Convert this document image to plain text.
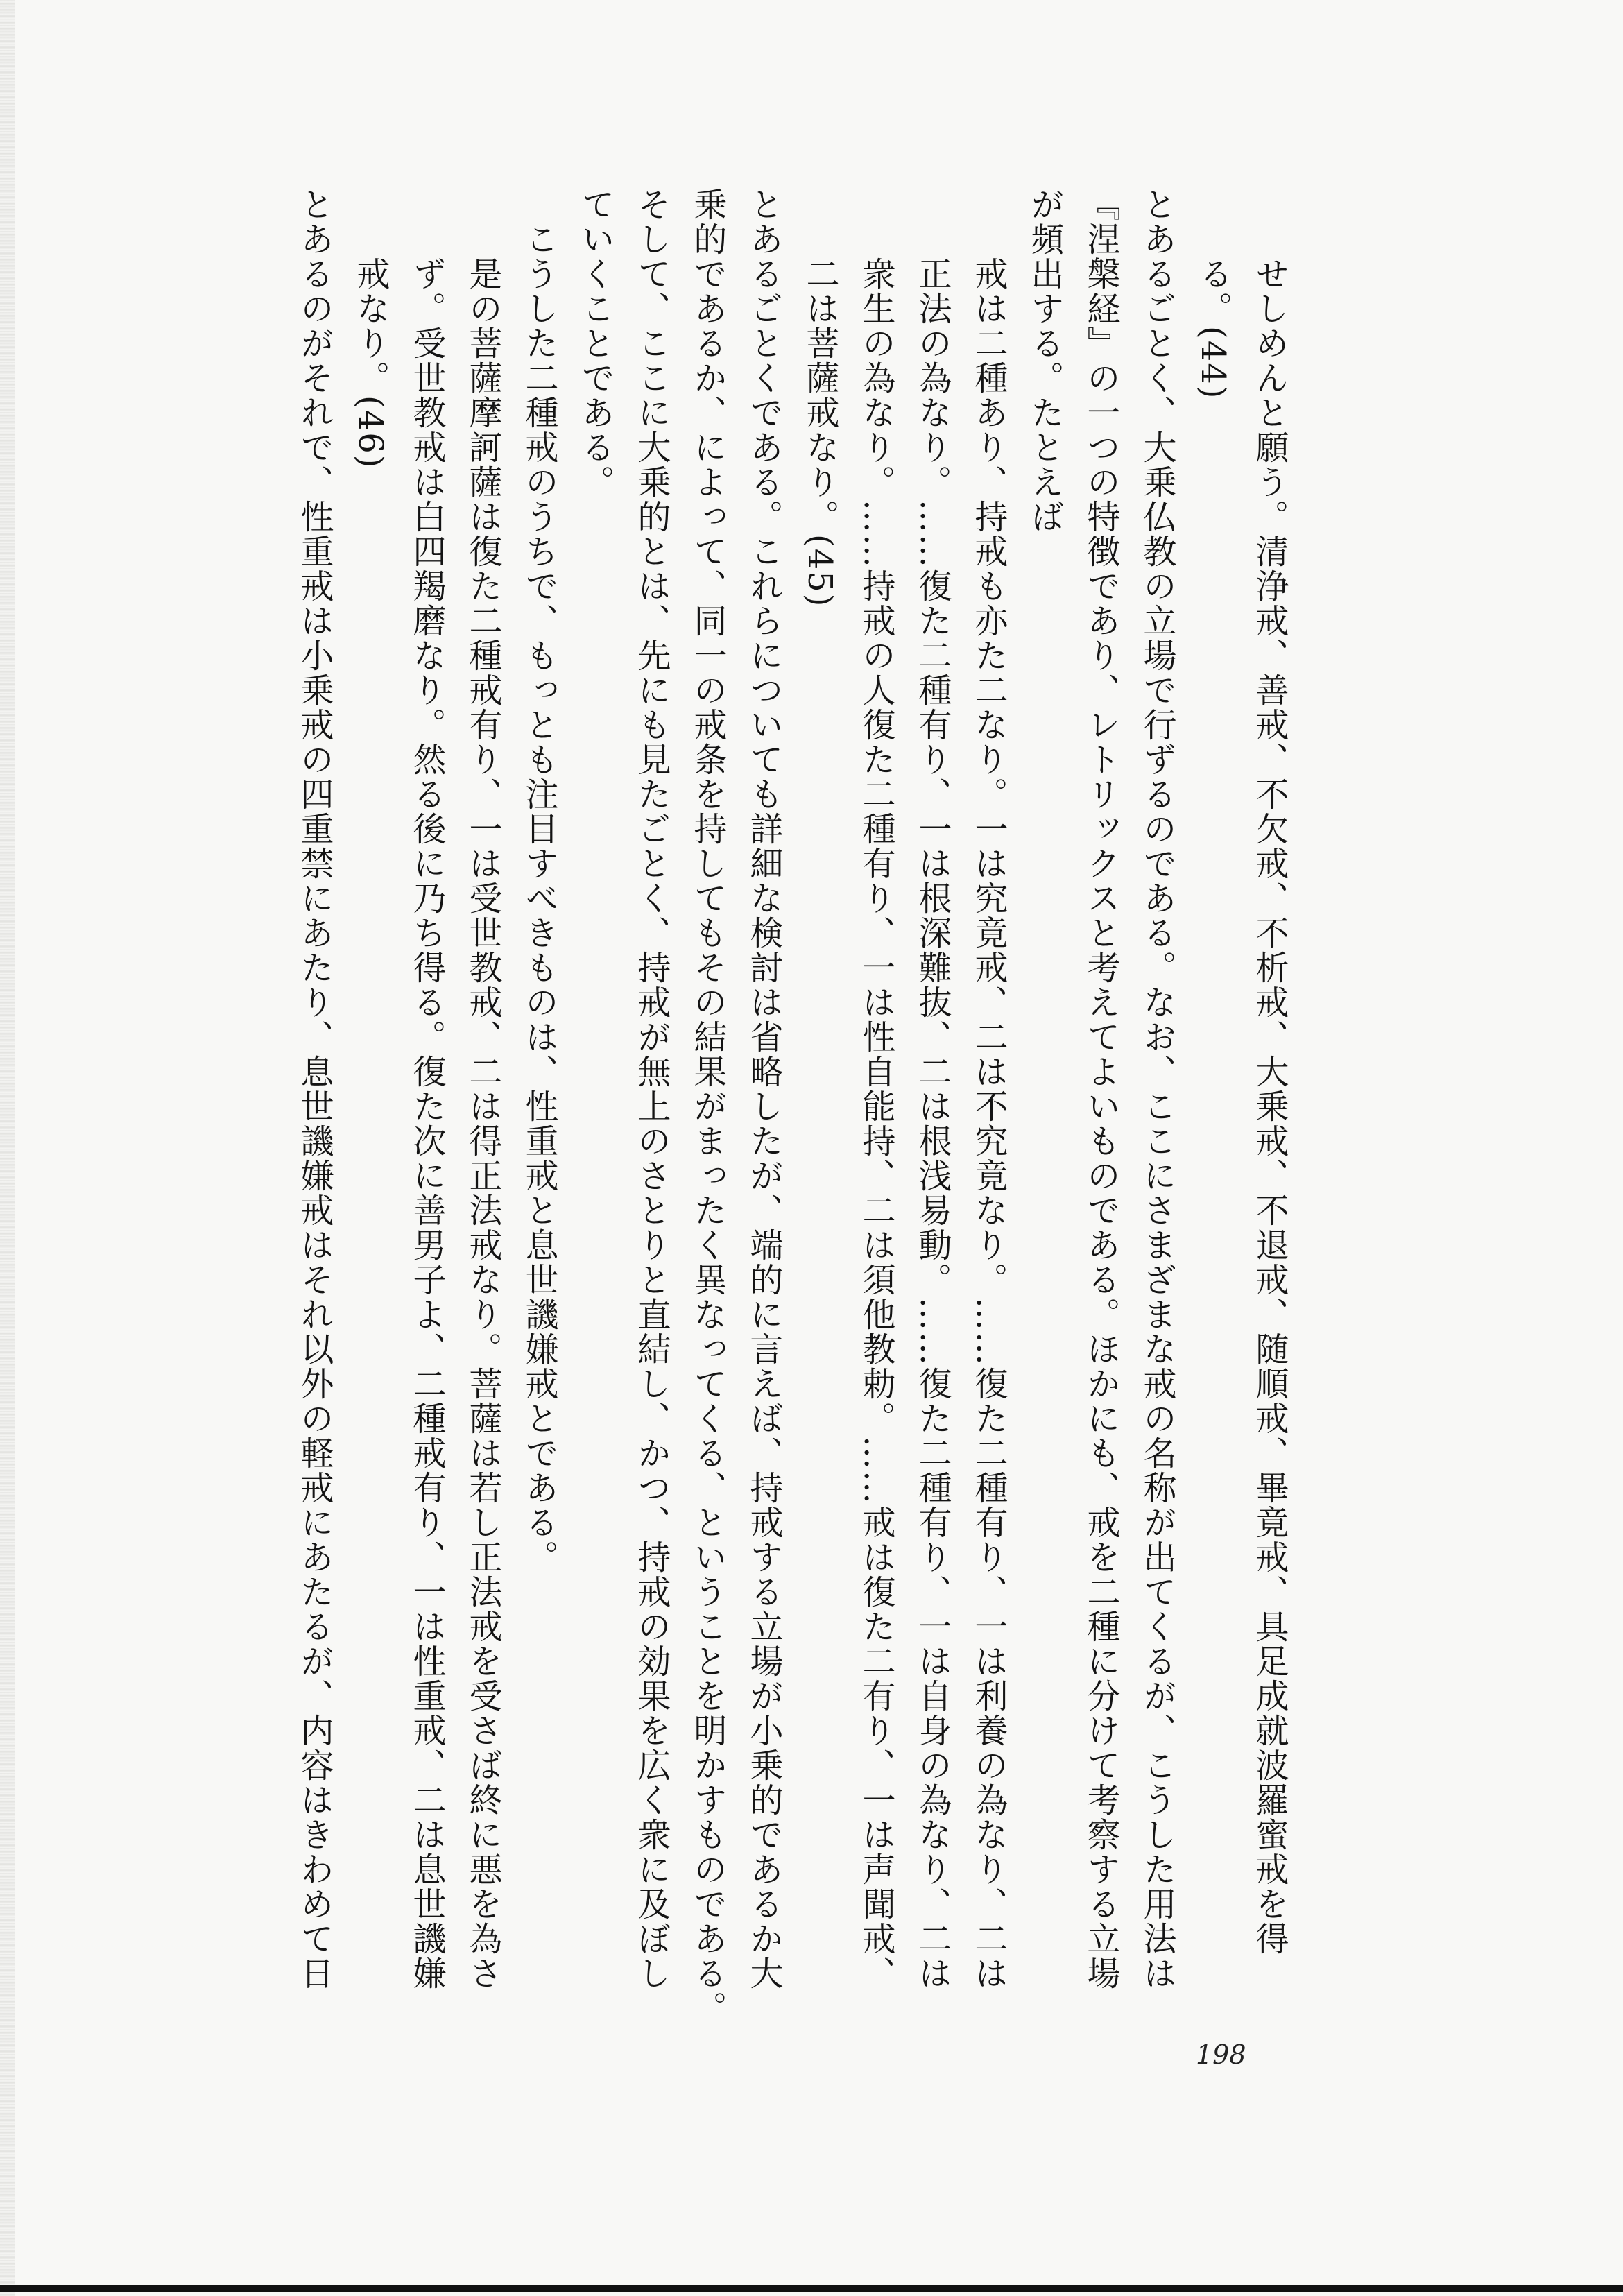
せしめんと願う。清浄戒、善戒、不欠戒、不析戒、大乗戒、不退戒、随順戒、畢竟戒、具足成就波羅蜜戒を得
る。(44)
とあるごとく、大乗仏教の立場で行ずるのである。なお、ここにさまざまな戒の名称が出てくるが、こうした用法は
『涅槃経』の一つの特徴であり、レトリックスと考えてよいものである。ほかにも、戒を二種に分けて考察する立場
が頻出する。たとえば
戒は二種あり、持戒も亦た二なり。一は究竟戒、二は不究竟なり。……復た二種有り、一は利養の為なり、二は
正法の為なり。……復た二種有り、一は根深難抜、二は根浅易動。……復た二種有り、一は自身の為なり、二は
衆生の為なり。……持戒の人復た二種有り、一は性自能持、二は須他教勅。……戒は復た二有り、一は声聞戒、
二は菩薩戒なり。(45)
とあるごとくである。これらについても詳細な検討は省略したが、端的に言えば、持戒する立場が小乗的であるか大
乗的であるか、によって、同一の戒条を持してもその結果がまったく異なってくる、ということを明かすものである。
そして、ここに大乗的とは、先にも見たごとく、持戒が無上のさとりと直結し、かつ、持戒の効果を広く衆に及ぼし
ていくことである。
こうした二種戒のうちで、もっとも注目すべきものは、性重戒と息世譏嫌戒とである。
是の菩薩摩訶薩は復た二種戒有り、一は受世教戒、二は得正法戒なり。菩薩は若し正法戒を受さば終に悪を為さ
ず。受世教戒は白四羯磨なり。然る後に乃ち得る。復た次に善男子よ、二種戒有り、一は性重戒、二は息世譏嫌
戒なり。(46)
とあるのがそれで、性重戒は小乗戒の四重禁にあたり、息世譏嫌戒はそれ以外の軽戒にあたるが、内容はきわめて日
198
